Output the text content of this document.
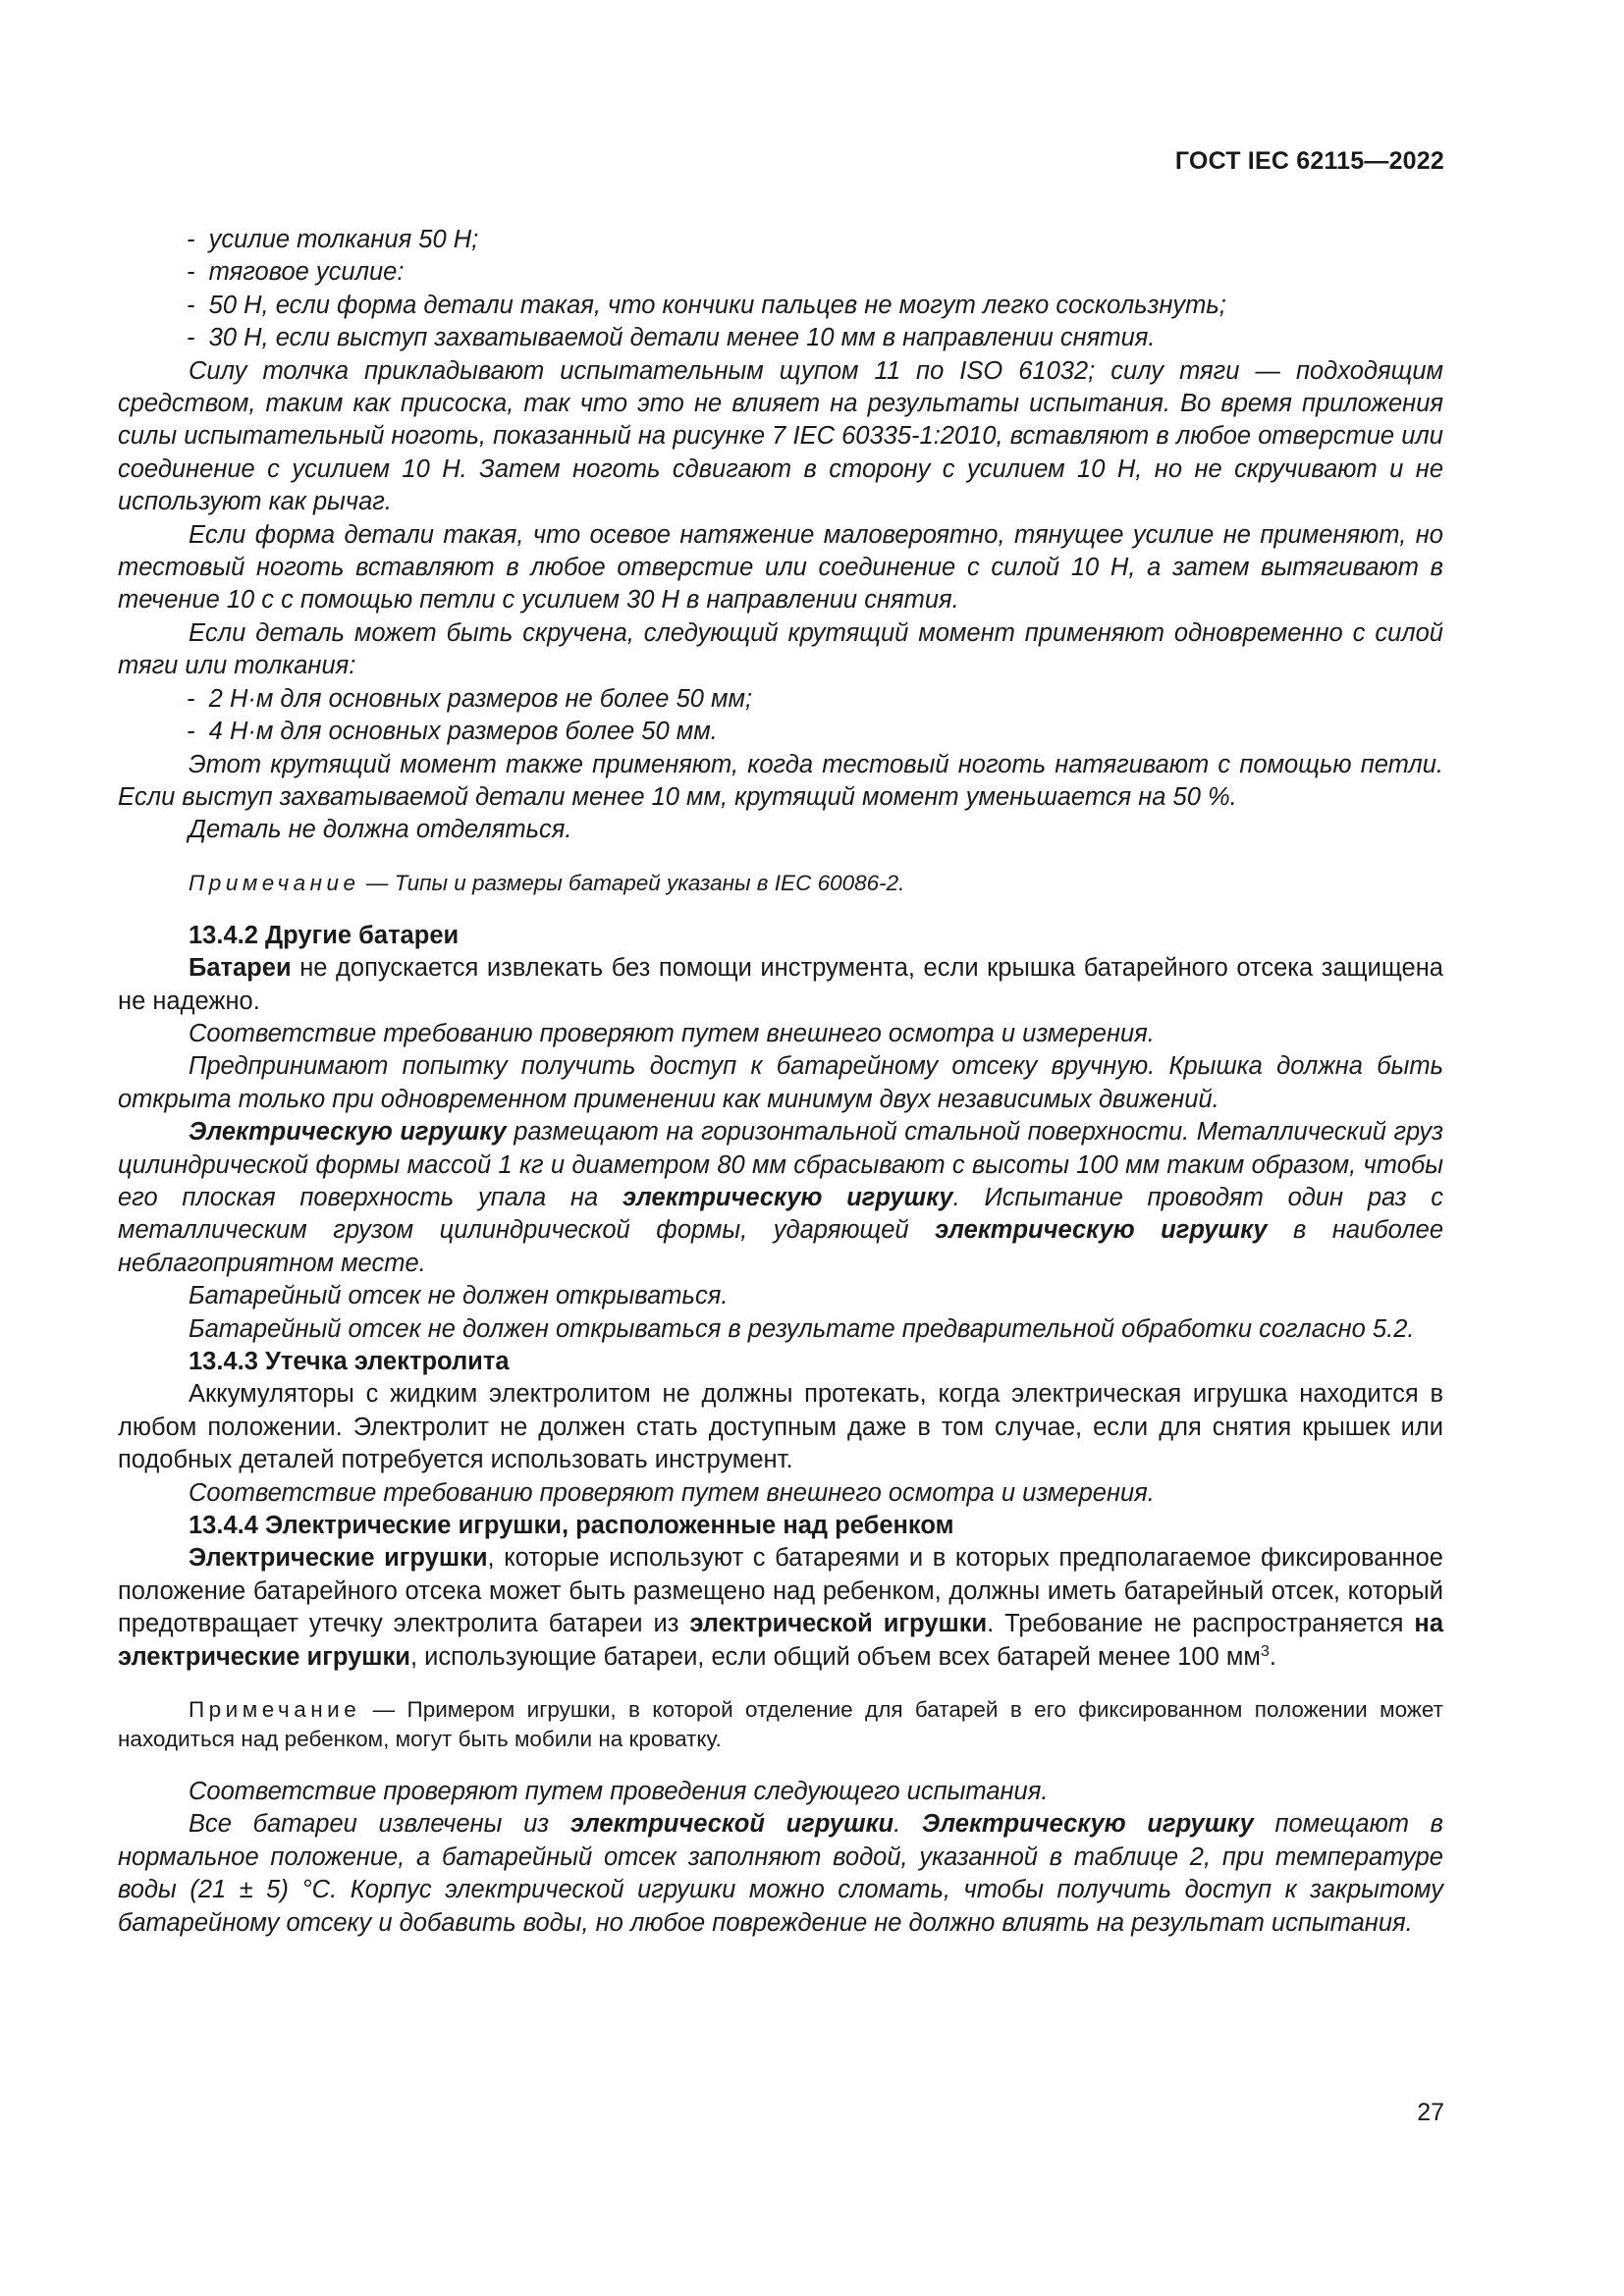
ГОСТ IEC 62115—2022

-  усилие толкания 50 Н;

-  тяговое усилие:

-  50 Н, если форма детали такая, что кончики пальцев не могут легко соскользнуть;

-  30 Н, если выступ захватываемой детали менее 10 мм в направлении снятия.

Силу толчка прикладывают испытательным щупом 11 по ISO 61032; силу тяги — подходящим средством, таким как присоска, так что это не влияет на результаты испытания. Во время приложения силы испытательный ноготь, показанный на рисунке 7 IEC 60335-1:2010, вставляют в любое отверстие или соединение с усилием 10 Н. Затем ноготь сдвигают в сторону с усилием 10 Н, но не скручивают и не используют как рычаг.

Если форма детали такая, что осевое натяжение маловероятно, тянущее усилие не применяют, но тестовый ноготь вставляют в любое отверстие или соединение с силой 10 Н, а затем вытягивают в течение 10 с с помощью петли с усилием 30 Н в направлении снятия.

Если деталь может быть скручена, следующий крутящий момент применяют одновременно с силой тяги или толкания:

-  2 Н·м для основных размеров не более 50 мм;

-  4 Н·м для основных размеров более 50 мм.

Этот крутящий момент также применяют, когда тестовый ноготь натягивают с помощью петли. Если выступ захватываемой детали менее 10 мм, крутящий момент уменьшается на 50 %.

Деталь не должна отделяться.

Примечание — Типы и размеры батарей указаны в IEC 60086-2.

13.4.2 Другие батареи

Батареи не допускается извлекать без помощи инструмента, если крышка батарейного отсека защищена не надежно.

Соответствие требованию проверяют путем внешнего осмотра и измерения.

Предпринимают попытку получить доступ к батарейному отсеку вручную. Крышка должна быть открыта только при одновременном применении как минимум двух независимых движений.

Электрическую игрушку размещают на горизонтальной стальной поверхности. Металлический груз цилиндрической формы массой 1 кг и диаметром 80 мм сбрасывают с высоты 100 мм таким образом, чтобы его плоская поверхность упала на электрическую игрушку. Испытание проводят один раз с металлическим грузом цилиндрической формы, ударяющей электрическую игрушку в наиболее неблагоприятном месте.

Батарейный отсек не должен открываться.

Батарейный отсек не должен открываться в результате предварительной обработки согласно 5.2.

13.4.3 Утечка электролита

Аккумуляторы с жидким электролитом не должны протекать, когда электрическая игрушка находится в любом положении. Электролит не должен стать доступным даже в том случае, если для снятия крышек или подобных деталей потребуется использовать инструмент.

Соответствие требованию проверяют путем внешнего осмотра и измерения.

13.4.4 Электрические игрушки, расположенные над ребенком

Электрические игрушки, которые используют с батареями и в которых предполагаемое фиксированное положение батарейного отсека может быть размещено над ребенком, должны иметь батарейный отсек, который предотвращает утечку электролита батареи из электрической игрушки. Требование не распространяется на электрические игрушки, использующие батареи, если общий объем всех батарей менее 100 $мм^3$.

Примечание — Примером игрушки, в которой отделение для батарей в его фиксированном положении может находиться над ребенком, могут быть мобили на кроватку.

Соответствие проверяют путем проведения следующего испытания.

Все батареи извлечены из электрической игрушки. Электрическую игрушку помещают в нормальное положение, а батарейный отсек заполняют водой, указанной в таблице 2, при температуре воды (21 ± 5) °С. Корпус электрической игрушки можно сломать, чтобы получить доступ к закрытому батарейному отсеку и добавить воды, но любое повреждение не должно влиять на результат испытания.

27
